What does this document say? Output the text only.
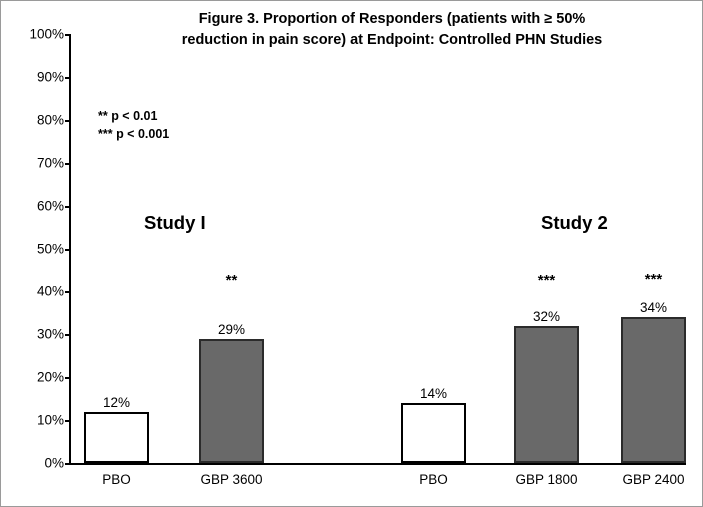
Figure 3. Proportion of Responders (patients with ≥ 50%
reduction in pain score) at Endpoint: Controlled PHN Studies
** p < 0.01
*** p < 0.001
0%
10%
20%
30%
40%
50%
60%
70%
80%
90%
100%
Study I	Study 2
12%
PBO
29%
**
GBP 3600
14%
PBO
32%
***
GBP 1800
34%
***
GBP 2400
